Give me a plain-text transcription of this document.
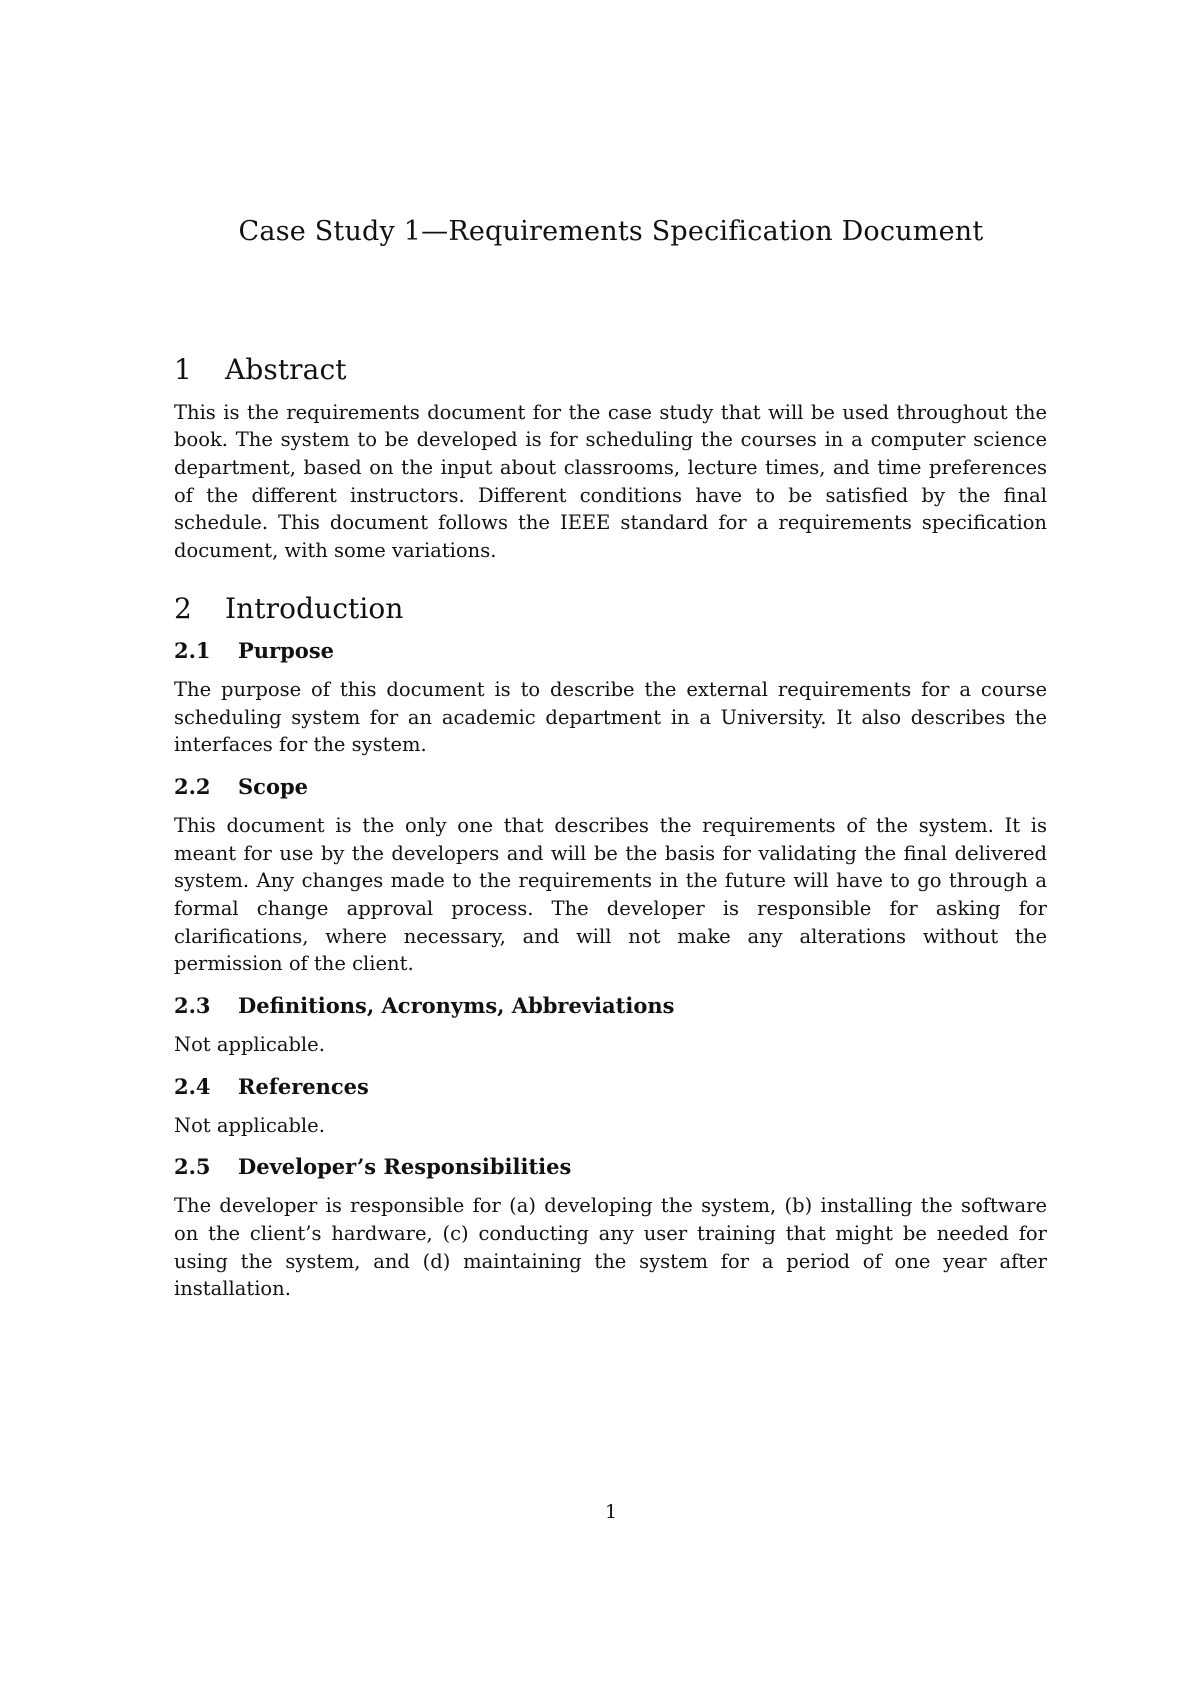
Case Study 1—Requirements Specification Document
1 Abstract

This is the requirements document for the case study that will be used throughout the book. The system to be developed is for scheduling the courses in a computer science department, based on the input about classrooms, lecture times, and time preferences of the different instructors. Different conditions have to be satisfied by the final schedule. This document follows the IEEE standard for a requirements specification document, with some variations.

2 Introduction
2.1 Purpose

The purpose of this document is to describe the external requirements for a course scheduling system for an academic department in a University. It also describes the interfaces for the system.

2.2 Scope

This document is the only one that describes the requirements of the system. It is meant for use by the developers and will be the basis for validating the final delivered system. Any changes made to the requirements in the future will have to go through a formal change approval process. The developer is responsible for asking for clarifications, where necessary, and will not make any alterations without the permission of the client.

2.3 Definitions, Acronyms, Abbreviations

Not applicable.

2.4 References

Not applicable.

2.5 Developer’s Responsibilities

The developer is responsible for (a) developing the system, (b) installing the software on the client’s hardware, (c) conducting any user training that might be needed for using the system, and (d) maintaining the system for a period of one year after installation.

1
